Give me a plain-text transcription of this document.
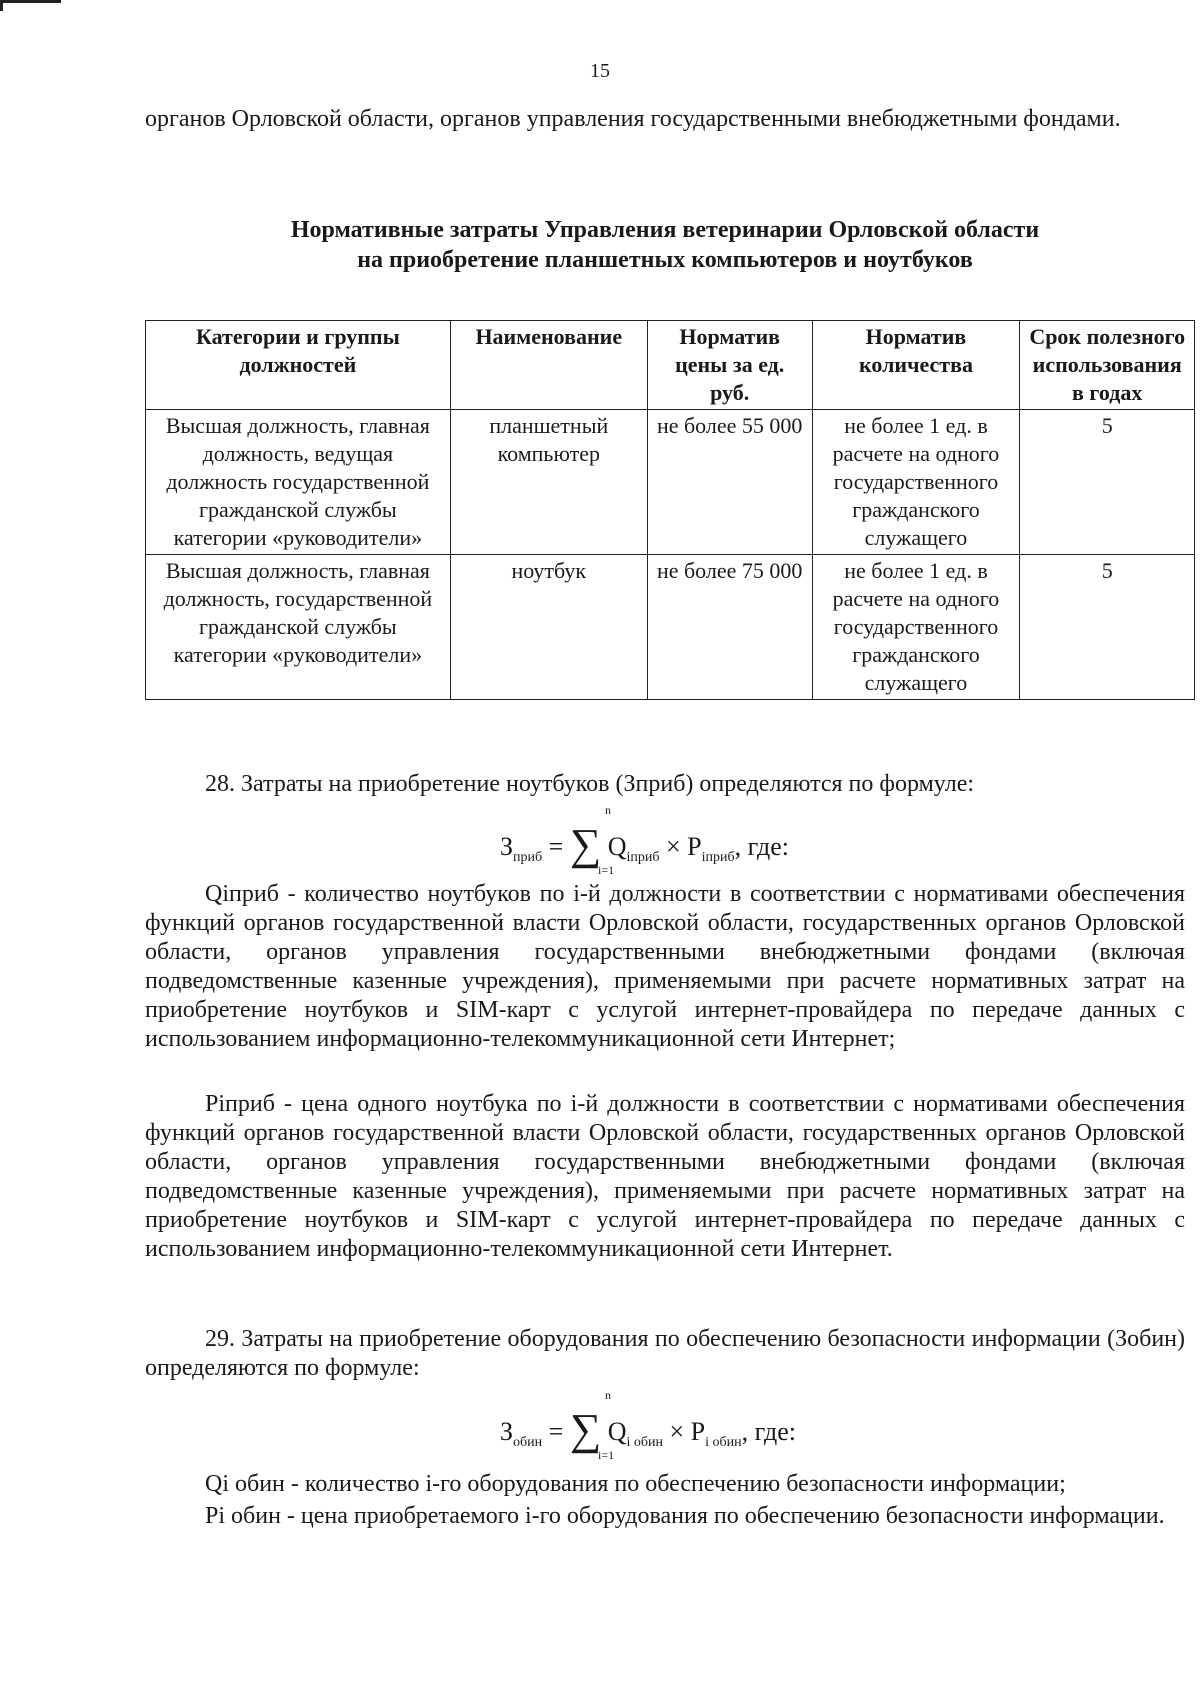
15
органов Орловской области, органов управления государственными внебюджетными фондами.
Нормативные затраты Управления ветеринарии Орловской области
на приобретение планшетных компьютеров и ноутбуков
Категории и группы должностей	Наименование	Норматив цены за ед. руб.	Норматив количества	Срок полезного использования в годах
Высшая должность, главная должность, ведущая должность государственной гражданской службы категории «руководители»	планшетный компьютер	не более 55 000	не более 1 ед. в расчете на одного государственного гражданского служащего	5
Высшая должность, главная должность, государственной гражданской службы категории «руководители»	ноутбук	не более 75 000	не более 1 ед. в расчете на одного государственного гражданского служащего	5
28. Затраты на приобретение ноутбуков (Зприб) определяются по формуле:
$З_{приб}$ = ∑
n
i=1
$Q_{iприб} \times P_{iприб}$, где:
Qiприб - количество ноутбуков по i-й должности в соответствии с нормативами обеспечения функций органов государственной власти Орловской области, государственных органов Орловской области, органов управления государственными внебюджетными фондами (включая подведомственные казенные учреждения), применяемыми при расчете нормативных затрат на приобретение ноутбуков и SIM-карт с услугой интернет-провайдера по передаче данных с использованием информационно-телекоммуникационной сети Интернет;
Piприб - цена одного ноутбука по i-й должности в соответствии с нормативами обеспечения функций органов государственной власти Орловской области, государственных органов Орловской области, органов управления государственными внебюджетными фондами (включая подведомственные казенные учреждения), применяемыми при расчете нормативных затрат на приобретение ноутбуков и SIM-карт с услугой интернет-провайдера по передаче данных с использованием информационно-телекоммуникационной сети Интернет.
29. Затраты на приобретение оборудования по обеспечению безопасности информации (Зобин) определяются по формуле:
$З_{обин}$ = ∑
n
i=1
$Q_{i обин} \times P_{i обин}$, где:
Qi обин - количество i-го оборудования по обеспечению безопасности информации;
Pi обин - цена приобретаемого i-го оборудования по обеспечению безопасности информации.
